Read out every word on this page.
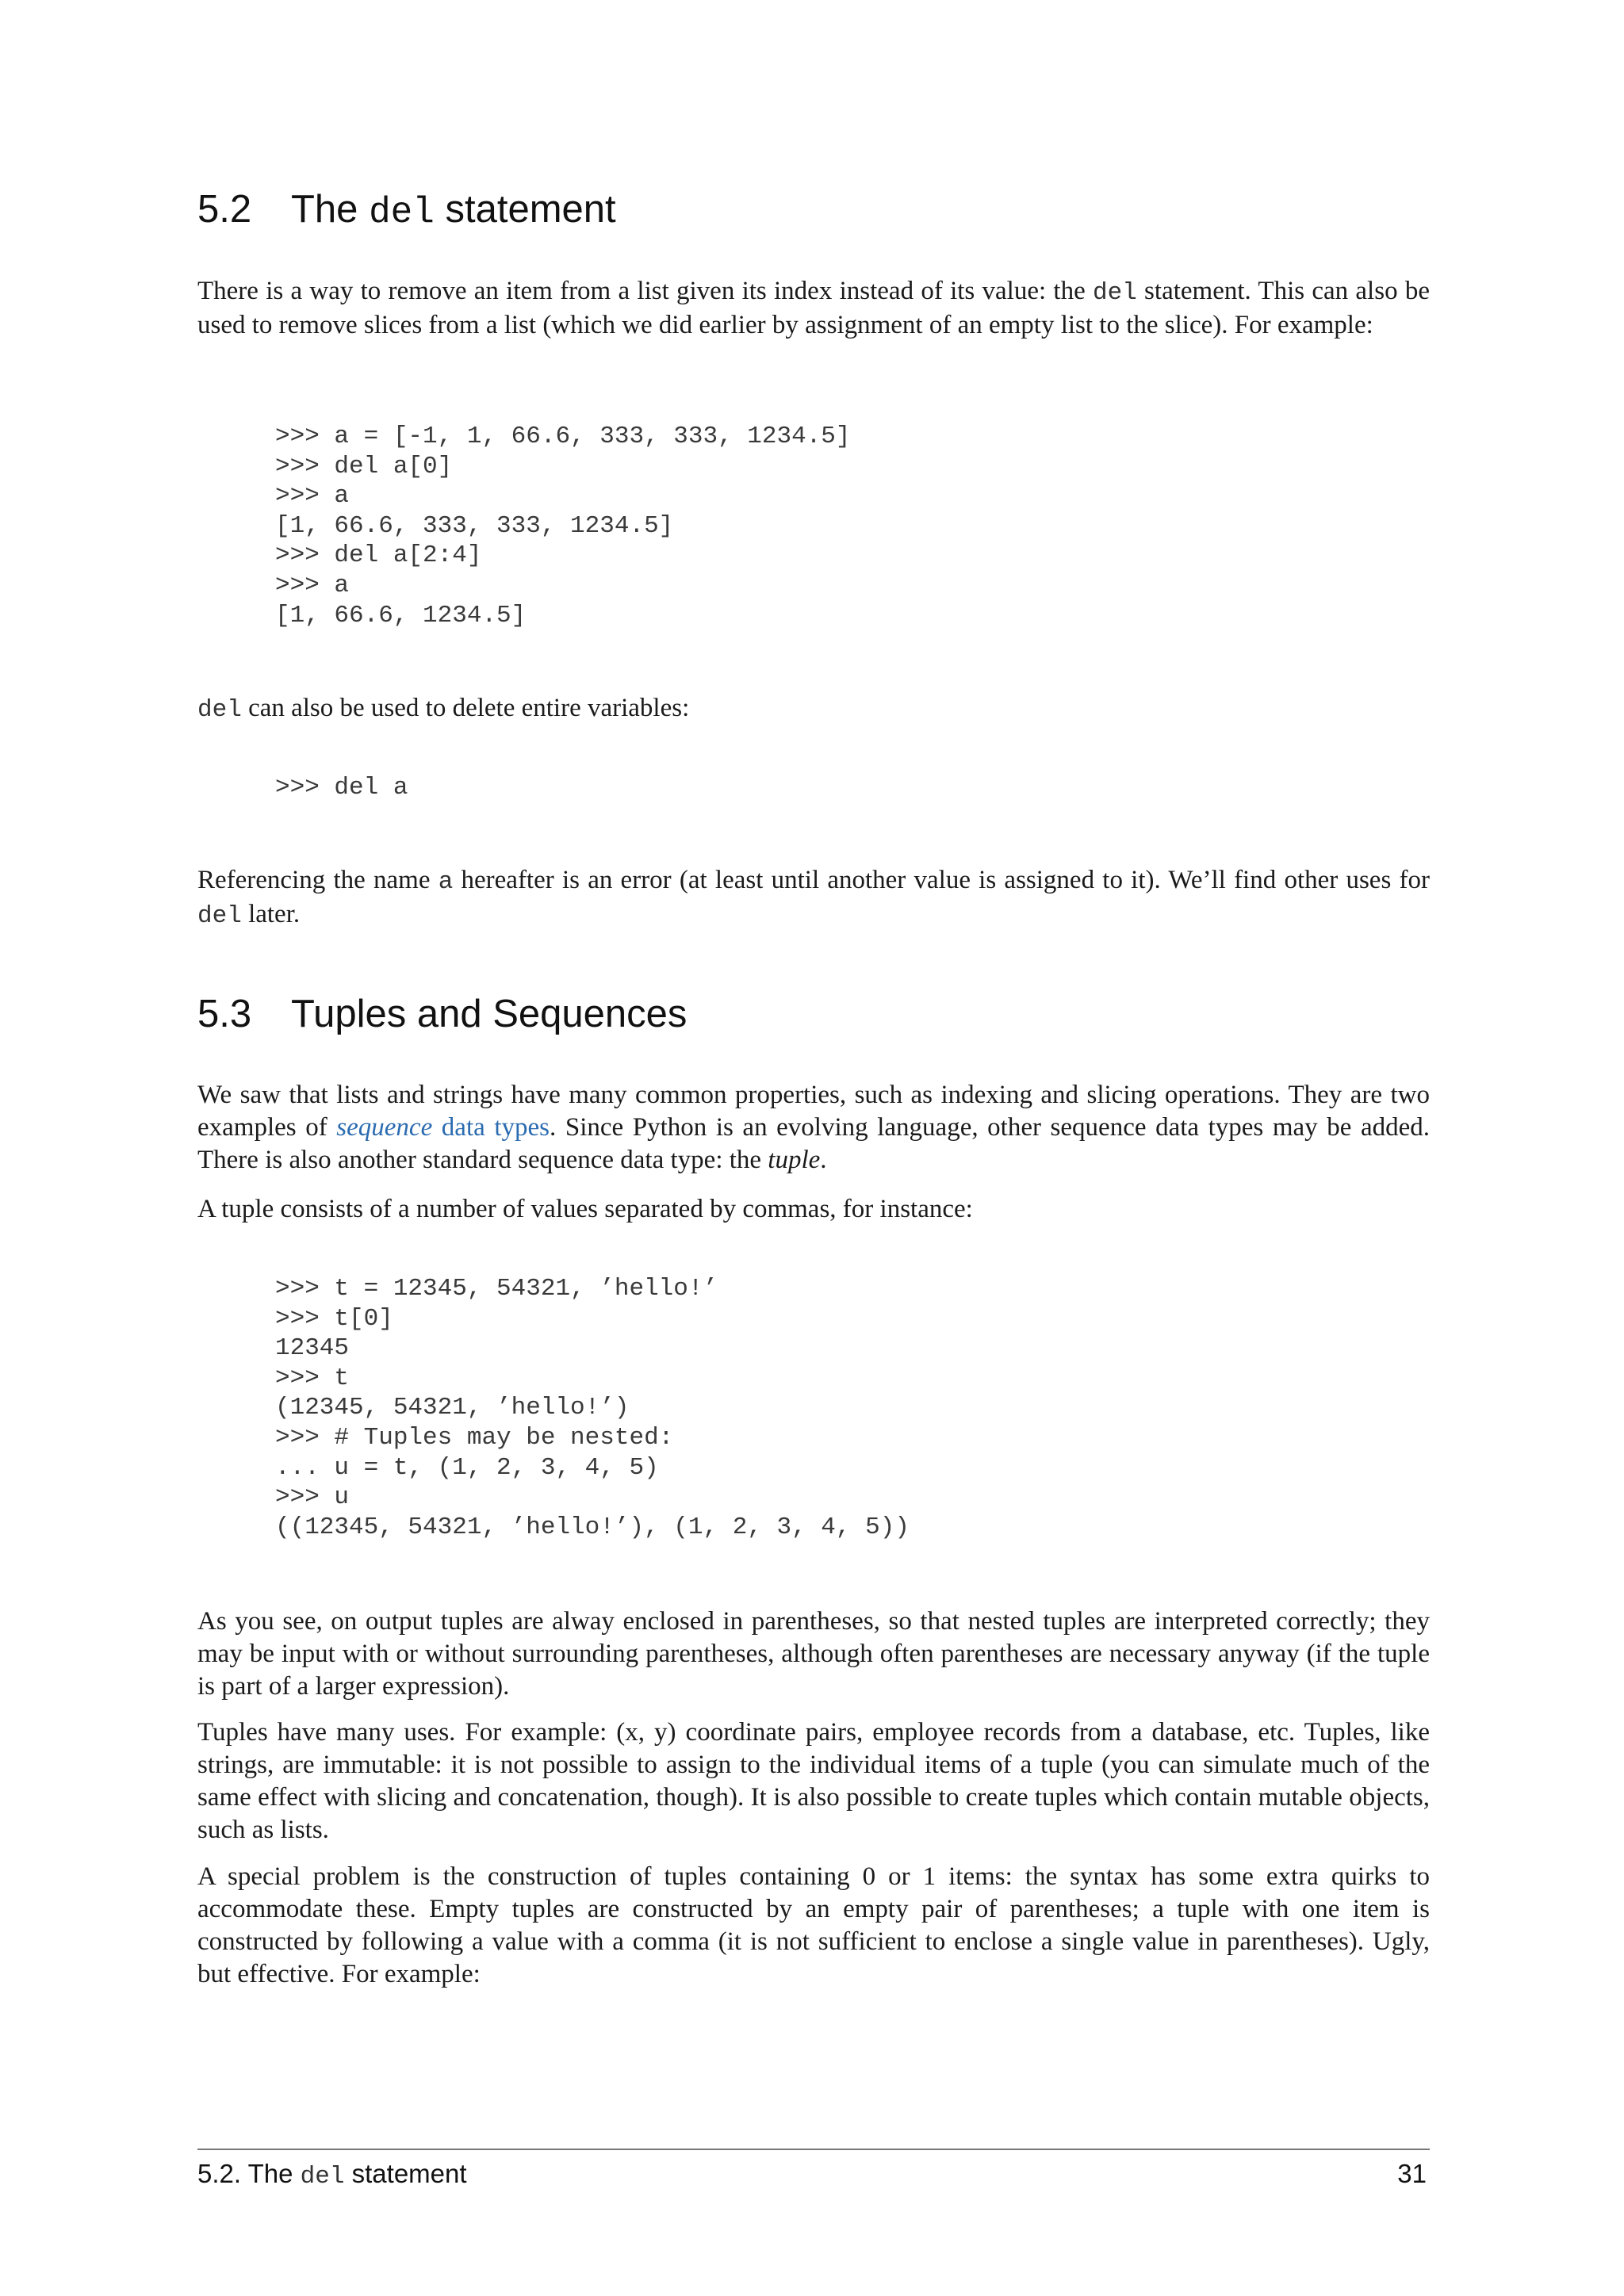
5.2 The del statement

There is a way to remove an item from a list given its index instead of its value: the del statement. This can also be used to remove slices from a list (which we did earlier by assignment of an empty list to the slice). For example:

>>> a = [-1, 1, 66.6, 333, 333, 1234.5]
>>> del a[0]
>>> a
[1, 66.6, 333, 333, 1234.5]
>>> del a[2:4]
>>> a
[1, 66.6, 1234.5]

del can also be used to delete entire variables:

>>> del a

Referencing the name a hereafter is an error (at least until another value is assigned to it). We’ll find other uses for del later.

5.3 Tuples and Sequences

We saw that lists and strings have many common properties, such as indexing and slicing operations. They are two examples of sequence data types. Since Python is an evolving language, other sequence data types may be added. There is also another standard sequence data type: the tuple.

A tuple consists of a number of values separated by commas, for instance:

>>> t = 12345, 54321, ’hello!’
>>> t[0]
12345
>>> t
(12345, 54321, ’hello!’)
>>> # Tuples may be nested:
... u = t, (1, 2, 3, 4, 5)
>>> u
((12345, 54321, ’hello!’), (1, 2, 3, 4, 5))

As you see, on output tuples are alway enclosed in parentheses, so that nested tuples are interpreted correctly; they may be input with or without surrounding parentheses, although often parentheses are necessary anyway (if the tuple is part of a larger expression).

Tuples have many uses. For example: (x, y) coordinate pairs, employee records from a database, etc. Tuples, like strings, are immutable: it is not possible to assign to the individual items of a tuple (you can simulate much of the same effect with slicing and concatenation, though). It is also possible to create tuples which contain mutable objects, such as lists.

A special problem is the construction of tuples containing 0 or 1 items: the syntax has some extra quirks to accommodate these. Empty tuples are constructed by an empty pair of parentheses; a tuple with one item is constructed by following a value with a comma (it is not sufficient to enclose a single value in parentheses). Ugly, but effective. For example:

5.2. The del statement	31
